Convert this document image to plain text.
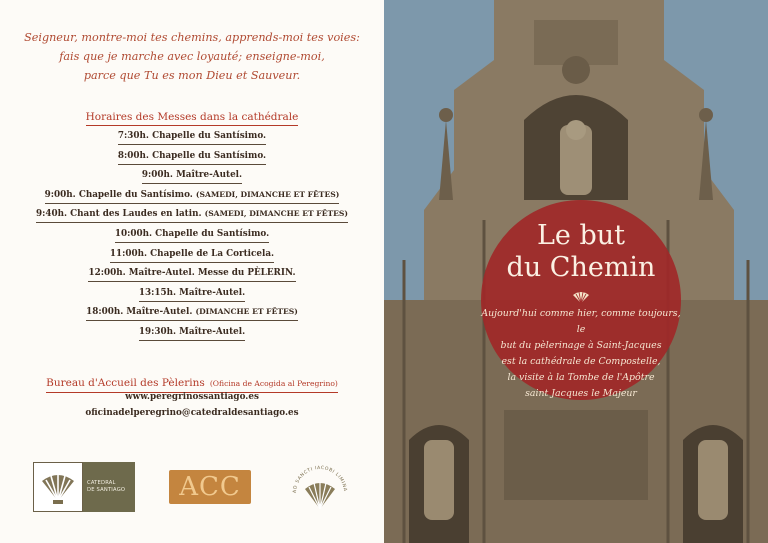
Seigneur, montre-moi tes chemins, apprends-moi tes voies:
fais que je marche avec loyauté; enseigne-moi,
parce que Tu es mon Dieu et Sauveur.
Horaires des Messes dans la cathédrale
7:30h. Chapelle du Santísimo.
8:00h. Chapelle du Santísimo.
9:00h. Maître-Autel.
9:00h. Chapelle du Santísimo. (SAMEDI, DIMANCHE ET FÊTES)
9:40h. Chant des Laudes en latin. (SAMEDI, DIMANCHE ET FÊTES)
10:00h. Chapelle du Santísimo.
11:00h. Chapelle de La Corticela.
12:00h. Maître-Autel. Messe du PÈLERIN.
13:15h. Maître-Autel.
18:00h. Maître-Autel. (DIMANCHE ET FÊTES)
19:30h. Maître-Autel.
Bureau d'Accueil des Pèlerins (Oficina de Acogida al Peregrino)
www.peregrinossantiago.es
oficinadelperegrino@catedraldesantiago.es
CATEDRAL
DE SANTIAGO	ACC	AD SANCTI IACOBI LIMINA
Le but
du Chemin
Aujourd'hui comme hier, comme toujours, le
but du pèlerinage à Saint-Jacques
est la cathédrale de Compostelle,
la visite à la Tombe de l'Apôtre
saint Jacques le Majeur
